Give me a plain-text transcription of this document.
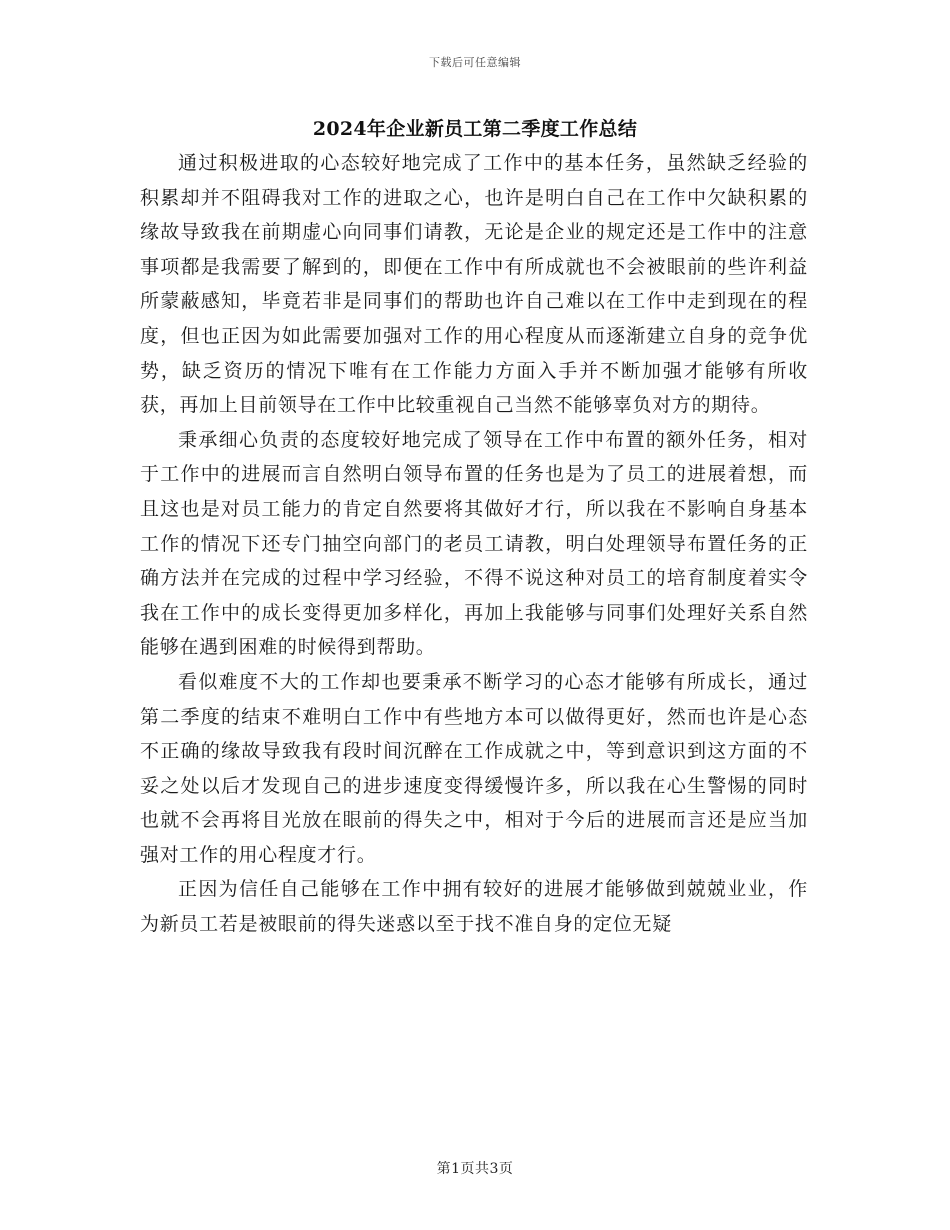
下载后可任意编辑
2024年企业新员工第二季度工作总结

通过积极进取的心态较好地完成了工作中的基本任务，虽然缺乏经验的积累却并不阻碍我对工作的进取之心，也许是明白自己在工作中欠缺积累的缘故导致我在前期虚心向同事们请教，无论是企业的规定还是工作中的注意事项都是我需要了解到的，即便在工作中有所成就也不会被眼前的些许利益所蒙蔽感知，毕竟若非是同事们的帮助也许自己难以在工作中走到现在的程度，但也正因为如此需要加强对工作的用心程度从而逐渐建立自身的竞争优势，缺乏资历的情况下唯有在工作能力方面入手并不断加强才能够有所收获，再加上目前领导在工作中比较重视自己当然不能够辜负对方的期待。

秉承细心负责的态度较好地完成了领导在工作中布置的额外任务，相对于工作中的进展而言自然明白领导布置的任务也是为了员工的进展着想，而且这也是对员工能力的肯定自然要将其做好才行，所以我在不影响自身基本工作的情况下还专门抽空向部门的老员工请教，明白处理领导布置任务的正确方法并在完成的过程中学习经验，不得不说这种对员工的培育制度着实令我在工作中的成长变得更加多样化，再加上我能够与同事们处理好关系自然能够在遇到困难的时候得到帮助。

看似难度不大的工作却也要秉承不断学习的心态才能够有所成长，通过第二季度的结束不难明白工作中有些地方本可以做得更好，然而也许是心态不正确的缘故导致我有段时间沉醉在工作成就之中，等到意识到这方面的不妥之处以后才发现自己的进步速度变得缓慢许多，所以我在心生警惕的同时也就不会再将目光放在眼前的得失之中，相对于今后的进展而言还是应当加强对工作的用心程度才行。

正因为信任自己能够在工作中拥有较好的进展才能够做到兢兢业业，作为新员工若是被眼前的得失迷惑以至于找不准自身的定位无疑

第1页共3页
